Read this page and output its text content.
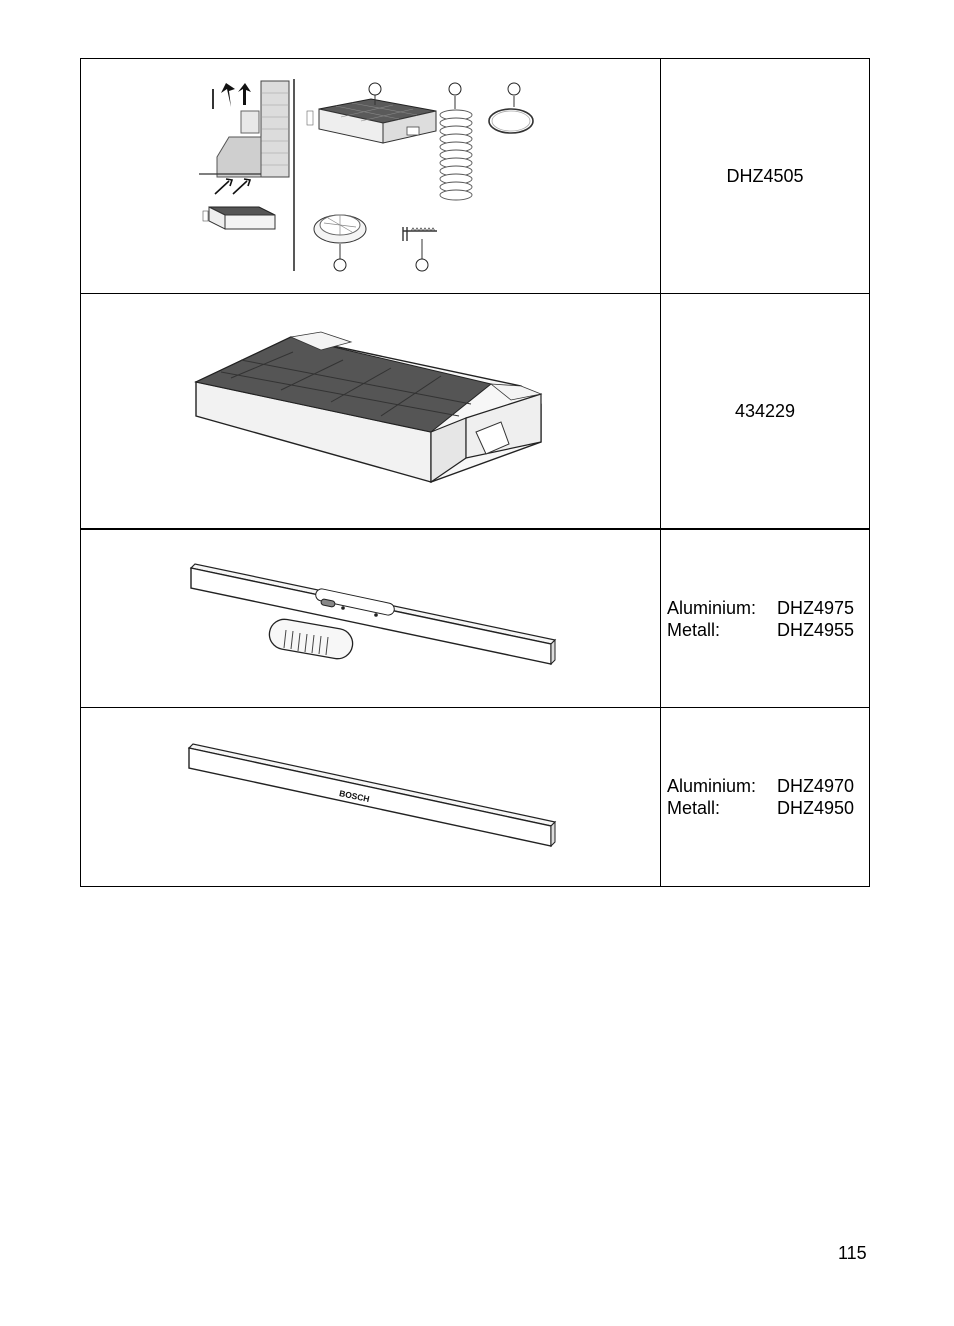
DHZ4505
434229
Aluminium:	DHZ4975
Metall:	DHZ4955
BOSCH
Aluminium:	DHZ4970
Metall:	DHZ4950
115
